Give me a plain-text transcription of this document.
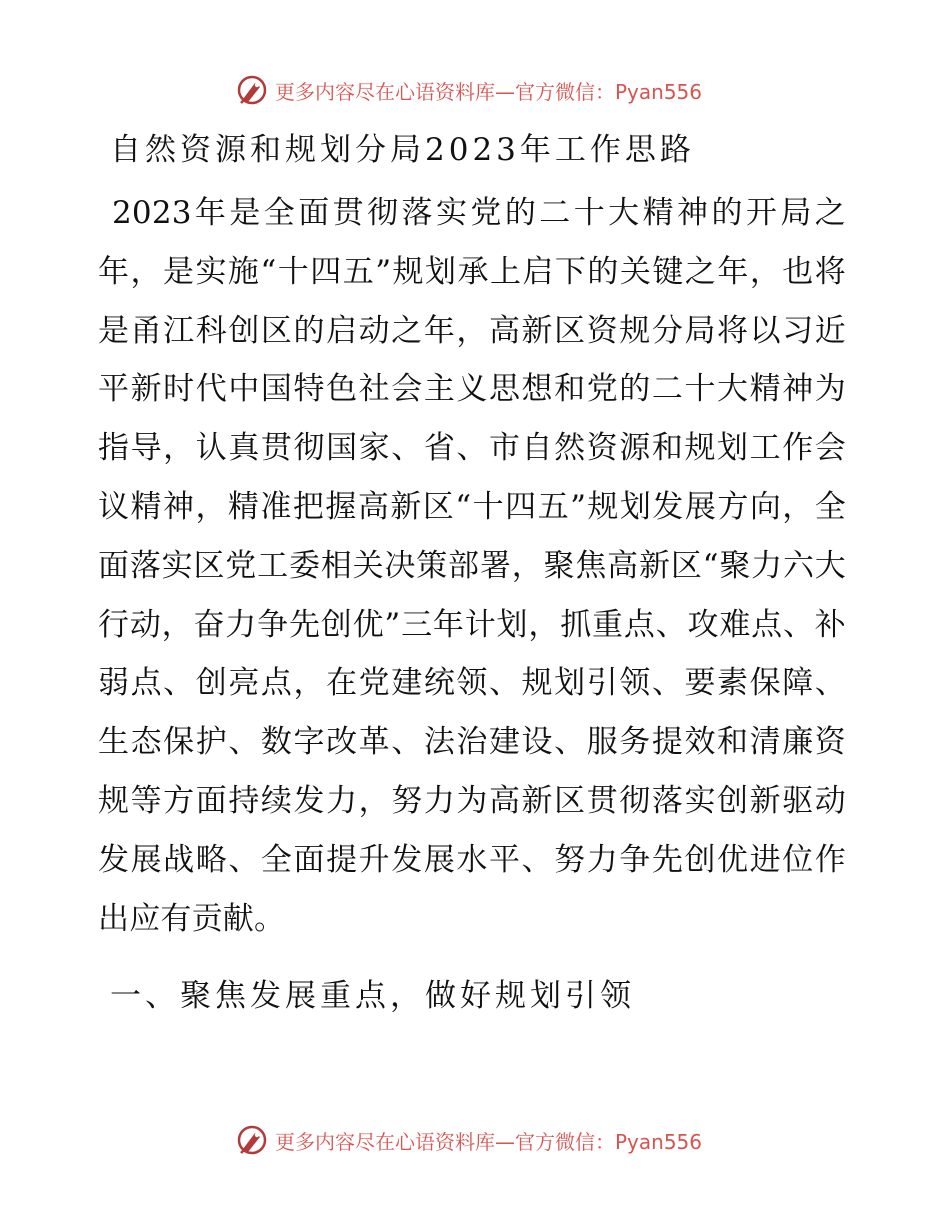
更多内容尽在心语资料库—官方微信：Pyan556
自然资源和规划分局2023年工作思路

2023年是全面贯彻落实党的二十大精神的开局之年，是实施“十四五”规划承上启下的关键之年，也将是甬江科创区的启动之年，高新区资规分局将以习近平新时代中国特色社会主义思想和党的二十大精神为指导，认真贯彻国家、省、市自然资源和规划工作会议精神，精准把握高新区“十四五”规划发展方向，全面落实区党工委相关决策部署，聚焦高新区“聚力六大行动，奋力争先创优”三年计划，抓重点、攻难点、补弱点、创亮点，在党建统领、规划引领、要素保障、生态保护、数字改革、法治建设、服务提效和清廉资规等方面持续发力，努力为高新区贯彻落实创新驱动发展战略、全面提升发展水平、努力争先创优进位作出应有贡献。

一、聚焦发展重点，做好规划引领
更多内容尽在心语资料库—官方微信：Pyan556
